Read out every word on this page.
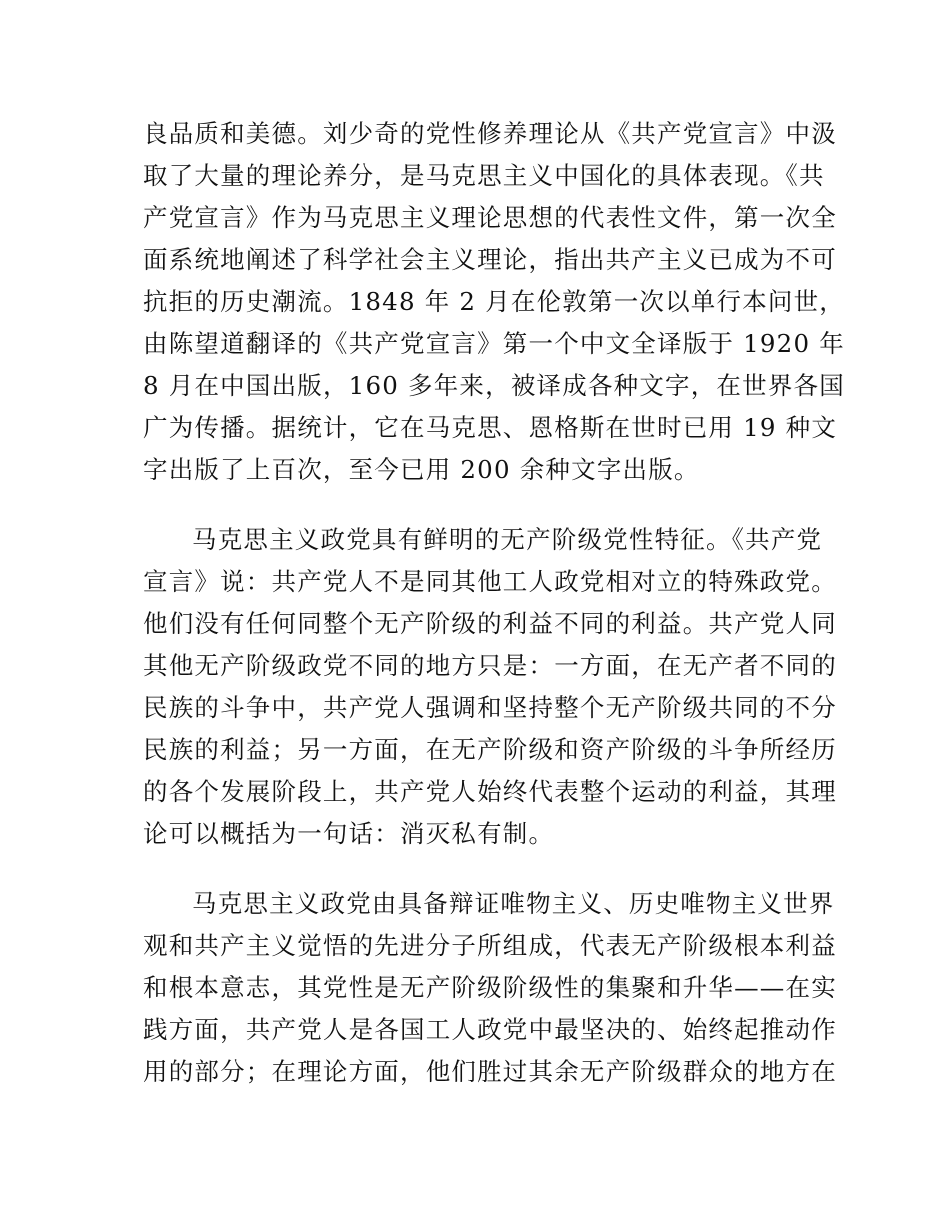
良品质和美德。刘少奇的党性修养理论从《共产党宣言》中汲
取了大量的理论养分，是马克思主义中国化的具体表现。《共
产党宣言》作为马克思主义理论思想的代表性文件，第一次全
面系统地阐述了科学社会主义理论，指出共产主义已成为不可
抗拒的历史潮流。1848 年 2 月在伦敦第一次以单行本问世，
由陈望道翻译的《共产党宣言》第一个中文全译版于 1920 年
8 月在中国出版，160 多年来，被译成各种文字，在世界各国
广为传播。据统计，它在马克思、恩格斯在世时已用 19 种文
字出版了上百次，至今已用 200 余种文字出版。
马克思主义政党具有鲜明的无产阶级党性特征。《共产党
宣言》说：共产党人不是同其他工人政党相对立的特殊政党。
他们没有任何同整个无产阶级的利益不同的利益。共产党人同
其他无产阶级政党不同的地方只是：一方面，在无产者不同的
民族的斗争中，共产党人强调和坚持整个无产阶级共同的不分
民族的利益；另一方面，在无产阶级和资产阶级的斗争所经历
的各个发展阶段上，共产党人始终代表整个运动的利益，其理
论可以概括为一句话：消灭私有制。
马克思主义政党由具备辩证唯物主义、历史唯物主义世界
观和共产主义觉悟的先进分子所组成，代表无产阶级根本利益
和根本意志，其党性是无产阶级阶级性的集聚和升华——在实
践方面，共产党人是各国工人政党中最坚决的、始终起推动作
用的部分；在理论方面，他们胜过其余无产阶级群众的地方在
